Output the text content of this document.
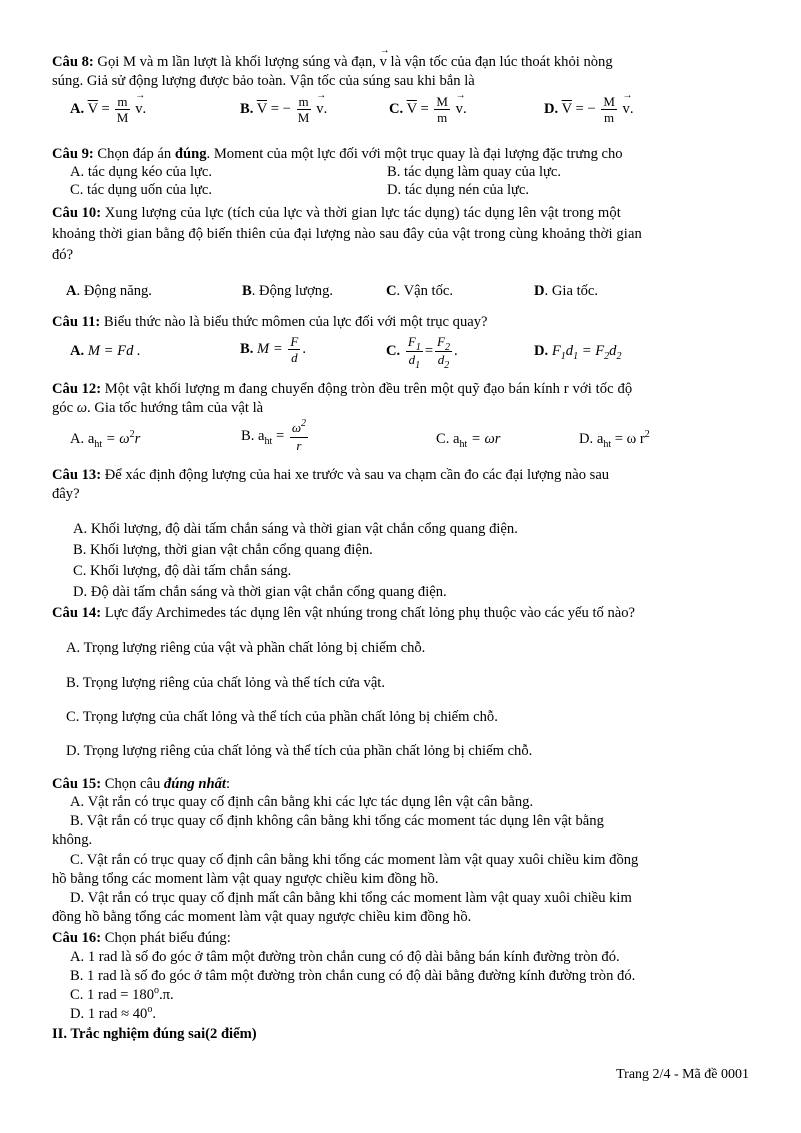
Câu 8: Gọi M và m lần lượt là khối lượng súng và đạn, → v là vận tốc của đạn lúc thoát khỏi nòng
súng. Giả sử động lượng được bảo toàn. Vận tốc của súng sau khi bắn là
A. $\overline{V} = \frac{m}{M} \to v$.	B. $\overline{V}$ = − $\frac{m}{M} \to v$.	C. $\overline{V} = \frac{M}{m} \to v$.	D. $\overline{V}$ = − $\frac{M}{m} \to v$.
Câu 9: Chọn đáp án đúng. Moment của một lực đối với một trục quay là đại lượng đặc trưng cho
A. tác dụng kéo của lực.	B. tác dụng làm quay của lực.
C. tác dụng uốn của lực.	D. tác dụng nén của lực.
Câu 10: Xung lượng của lực (tích của lực và thời gian lực tác dụng) tác dụng lên vật trong một
khoảng thời gian bằng độ biến thiên của đại lượng nào sau đây của vật trong cùng khoảng thời gian
đó?
A. Động năng.	B. Động lượng.	C. Vận tốc.	D. Gia tốc.
Câu 11: Biểu thức nào là biểu thức mômen của lực đối với một trục quay?
A. M = Fd .	B. $M = \frac{F}{d}$ .	C. $\frac{F_1}{d_1} = \frac{F_2}{d_2}$ .	D. $F_1d_1 = F_2d_2$
Câu 12: Một vật khối lượng m đang chuyển động tròn đều trên một quỹ đạo bán kính r với tốc độ
góc ω. Gia tốc hướng tâm của vật là
A. $a_{ht} = \omega^2r$	B. $a_{ht} = \frac{\omega^2}{r}$	C. $a_{ht} = \omega r$	D. $a_{ht} = \omega$ $r^2$
Câu 13: Để xác định động lượng của hai xe trước và sau va chạm cần đo các đại lượng nào sau
đây?
A. Khối lượng, độ dài tấm chắn sáng và thời gian vật chắn cổng quang điện.
B. Khối lượng, thời gian vật chắn cổng quang điện.
C. Khối lượng, độ dài tấm chắn sáng.
D. Độ dài tấm chắn sáng và thời gian vật chắn cổng quang điện.
Câu 14: Lực đẩy Archimedes tác dụng lên vật nhúng trong chất lỏng phụ thuộc vào các yếu tố nào?
A. Trọng lượng riêng của vật và phần chất lỏng bị chiếm chỗ.
B. Trọng lượng riêng của chất lỏng và thể tích cửa vật.
C. Trọng lượng của chất lỏng và thể tích của phần chất lỏng bị chiếm chỗ.
D. Trọng lượng riêng của chất lỏng và thể tích của phần chất lỏng bị chiếm chỗ.
Câu 15: Chọn câu đúng nhất:
A. Vật rắn có trục quay cố định cân bằng khi các lực tác dụng lên vật cân bằng.
B. Vật rắn có trục quay cố định không cân bằng khi tổng các moment tác dụng lên vật bằng
không.
C. Vật rắn có trục quay cố định cân bằng khi tổng các moment làm vật quay xuôi chiều kim đồng
hồ bằng tổng các moment làm vật quay ngược chiều kim đồng hồ.
D. Vật rắn có trục quay cố định mất cân bằng khi tổng các moment làm vật quay xuôi chiều kim
đồng hồ bằng tổng các moment làm vật quay ngược chiều kim đồng hồ.
Câu 16: Chọn phát biểu đúng:
A. 1 rad là số đo góc ở tâm một đường tròn chắn cung có độ dài bằng bán kính đường tròn đó.
B. 1 rad là số đo góc ở tâm một đường tròn chắn cung có độ dài bằng đường kính đường tròn đó.
C. 1 rad = $180^o.\pi$.
D. 1 rad ≈ $40^o$.
II. Trắc nghiệm đúng sai(2 điểm)
Trang 2/4 - Mã đề 0001
